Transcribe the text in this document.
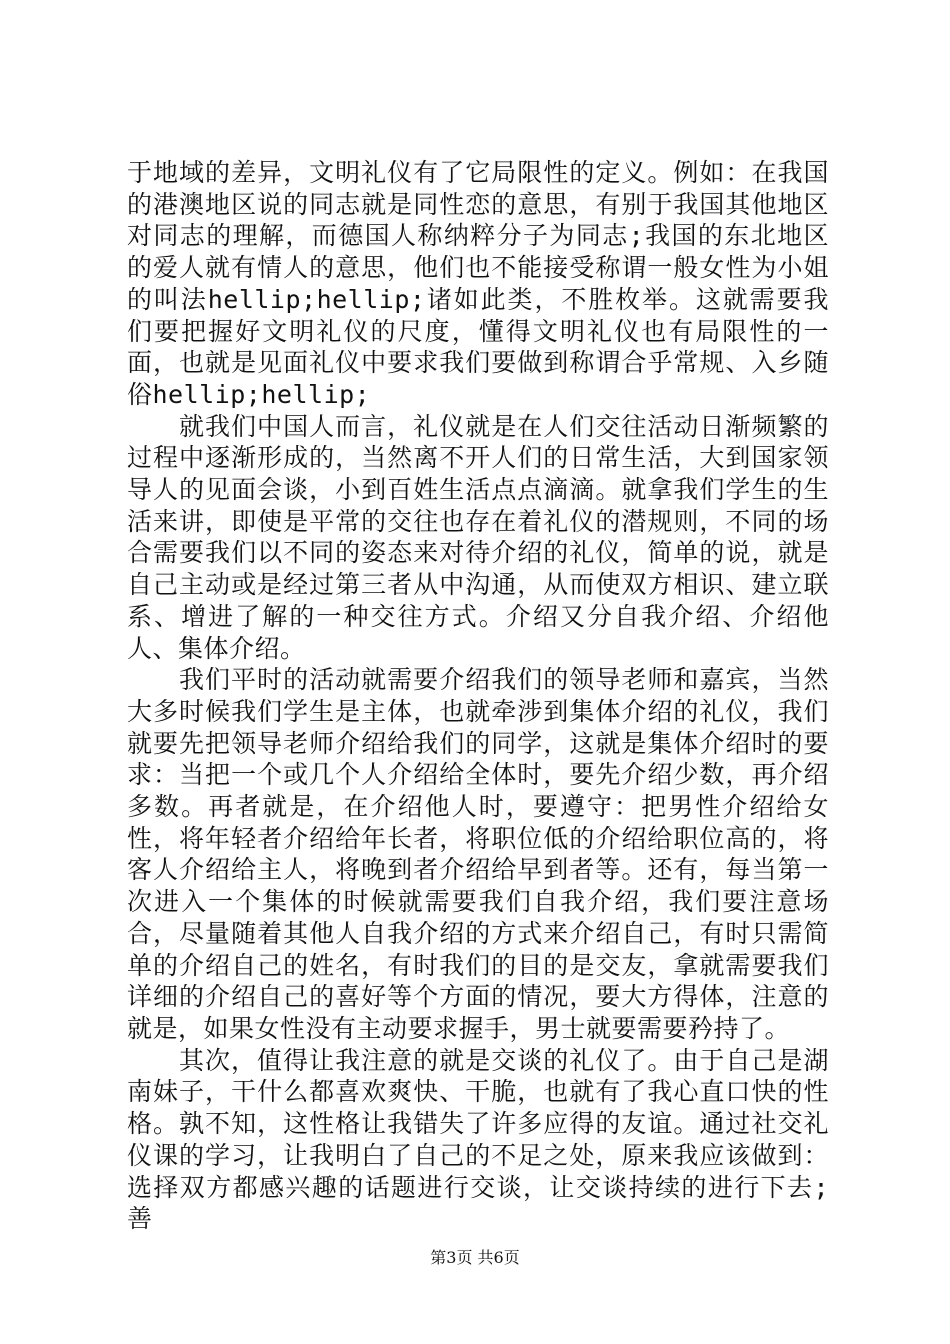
于地域的差异，文明礼仪有了它局限性的定义。例如：在我国的港澳地区说的同志就是同性恋的意思，有别于我国其他地区对同志的理解，而德国人称纳粹分子为同志;我国的东北地区的爱人就有情人的意思，他们也不能接受称谓一般女性为小姐的叫法hellip;hellip;诸如此类，不胜枚举。这就需要我们要把握好文明礼仪的尺度，懂得文明礼仪也有局限性的一面，也就是见面礼仪中要求我们要做到称谓合乎常规、入乡随俗hellip;hellip;

就我们中国人而言，礼仪就是在人们交往活动日渐频繁的过程中逐渐形成的，当然离不开人们的日常生活，大到国家领导人的见面会谈，小到百姓生活点点滴滴。就拿我们学生的生活来讲，即使是平常的交往也存在着礼仪的潜规则，不同的场合需要我们以不同的姿态来对待介绍的礼仪，简单的说，就是自己主动或是经过第三者从中沟通，从而使双方相识、建立联系、增进了解的一种交往方式。介绍又分自我介绍、介绍他人、集体介绍。

我们平时的活动就需要介绍我们的领导老师和嘉宾，当然大多时候我们学生是主体，也就牵涉到集体介绍的礼仪，我们就要先把领导老师介绍给我们的同学，这就是集体介绍时的要求：当把一个或几个人介绍给全体时，要先介绍少数，再介绍多数。再者就是，在介绍他人时，要遵守：把男性介绍给女性，将年轻者介绍给年长者，将职位低的介绍给职位高的，将客人介绍给主人，将晚到者介绍给早到者等。还有，每当第一次进入一个集体的时候就需要我们自我介绍，我们要注意场合，尽量随着其他人自我介绍的方式来介绍自己，有时只需简单的介绍自己的姓名，有时我们的目的是交友，拿就需要我们详细的介绍自己的喜好等个方面的情况，要大方得体，注意的就是，如果女性没有主动要求握手，男士就要需要矜持了。

其次，值得让我注意的就是交谈的礼仪了。由于自己是湖南妹子，干什么都喜欢爽快、干脆，也就有了我心直口快的性格。孰不知，这性格让我错失了许多应得的友谊。通过社交礼仪课的学习，让我明白了自己的不足之处，原来我应该做到：选择双方都感兴趣的话题进行交谈，让交谈持续的进行下去;善

第3页 共6页
